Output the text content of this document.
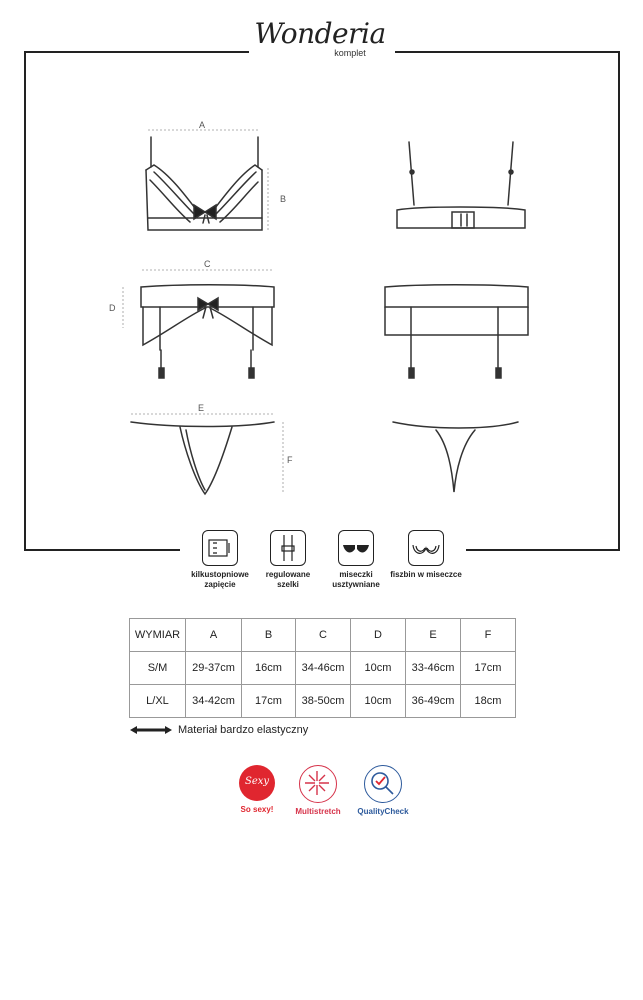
Wonderia
komplet
A
B
C
D
E
F
kilkustopniowe
zapięcie
regulowane
szelki
miseczki
usztywniane
fiszbin w miseczce
WYMIAR	A	B	C	D	E	F
S/M	29-37cm	16cm	34-46cm	10cm	33-46cm	17cm
L/XL	34-42cm	17cm	38-50cm	10cm	36-49cm	18cm
Materiał bardzo elastyczny
Sexy
So sexy!	Multistretch	QualityCheck
